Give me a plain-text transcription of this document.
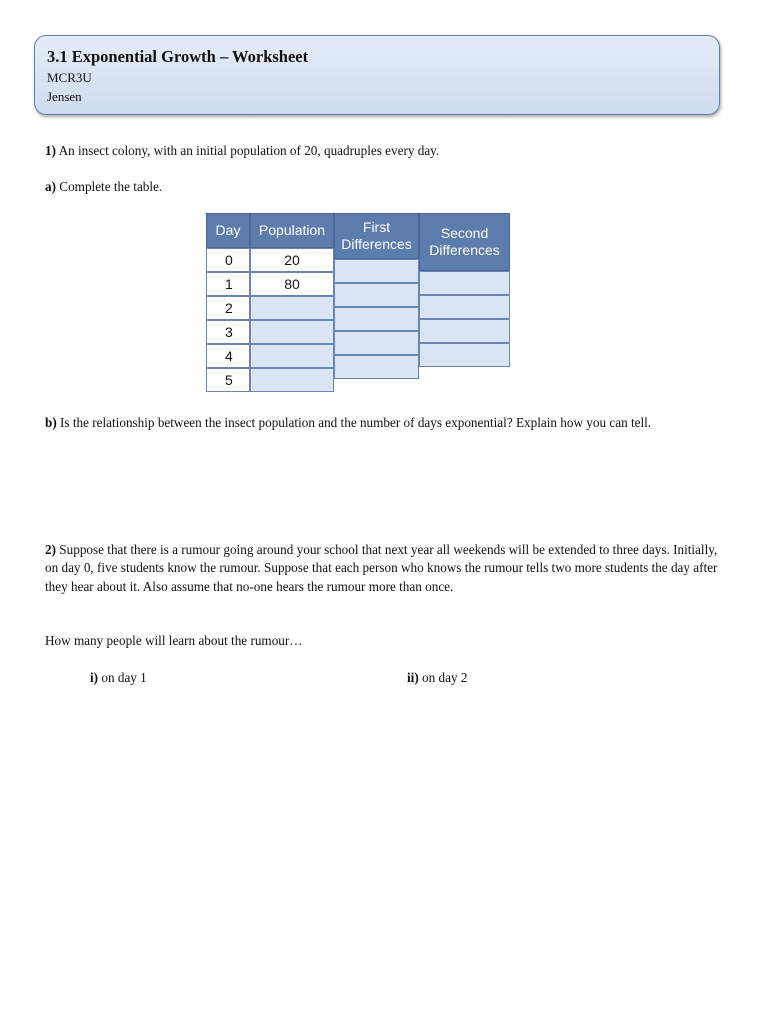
3.1 Exponential Growth – Worksheet
MCR3U
Jensen

1) An insect colony, with an initial population of 20, quadruples every day.

a) Complete the table.

Day
0
1
2
3
4
5
Population
20
80
First
Differences
Second
Differences

b) Is the relationship between the insect population and the number of days exponential? Explain how you can tell.

2) Suppose that there is a rumour going around your school that next year all weekends will be extended to three days. Initially, on day 0, five students know the rumour. Suppose that each person who knows the rumour tells two more students the day after they hear about it. Also assume that no-one hears the rumour more than once.

How many people will learn about the rumour…

i) on day 1	ii) on day 2
